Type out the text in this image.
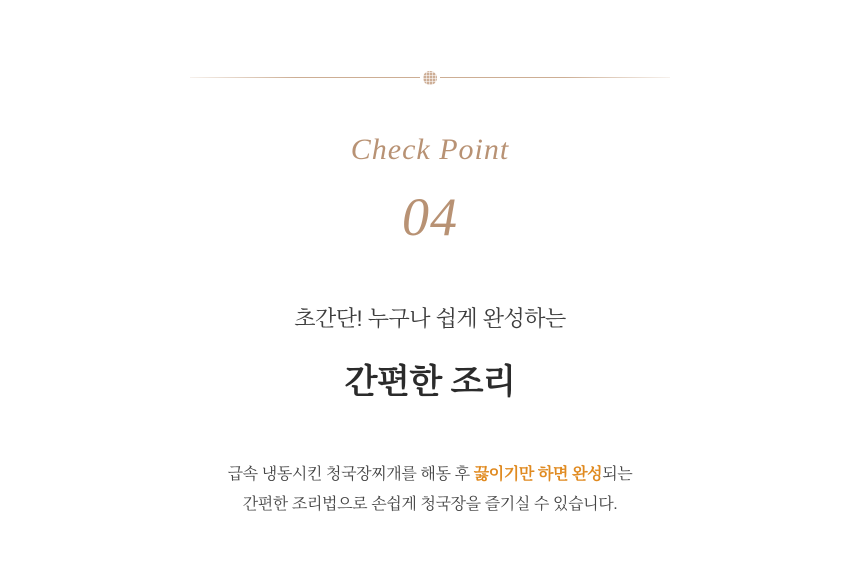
Check Point
04
초간단! 누구나 쉽게 완성하는
간편한 조리
급속 냉동시킨 청국장찌개를 해동 후 끓이기만 하면 완성되는
간편한 조리법으로 손쉽게 청국장을 즐기실 수 있습니다.
